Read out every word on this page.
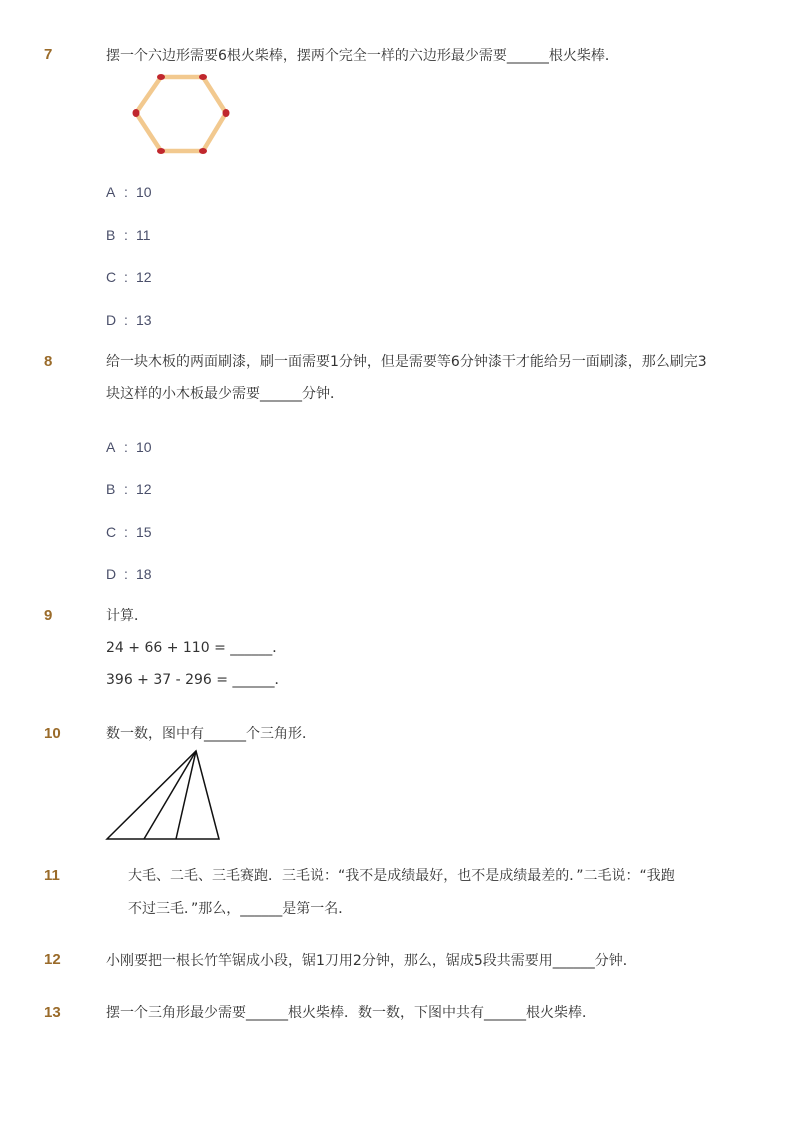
7	摆一个六边形需要6根火柴棒，摆两个完全一样的六边形最少需要______根火柴棒．
A : 10
B : 11
C : 12
D : 13
8	给一块木板的两面刷漆，刷一面需要1分钟，但是需要等6分钟漆干才能给另一面刷漆，那么刷完3
块这样的小木板最少需要______分钟．
A : 10
B : 12
C : 15
D : 18
9	计算．
24 + 66 + 110 = ______．
396 + 37 - 296 = ______．
10	数一数，图中有______个三角形．
11	大毛、二毛、三毛赛跑．三毛说：“我不是成绩最好，也不是成绩最差的．”二毛说：“我跑
不过三毛．”那么，______是第一名．
12	小刚要把一根长竹竿锯成小段，锯1刀用2分钟，那么，锯成5段共需要用______分钟．
13	摆一个三角形最少需要______根火柴棒．数一数，下图中共有______根火柴棒．
